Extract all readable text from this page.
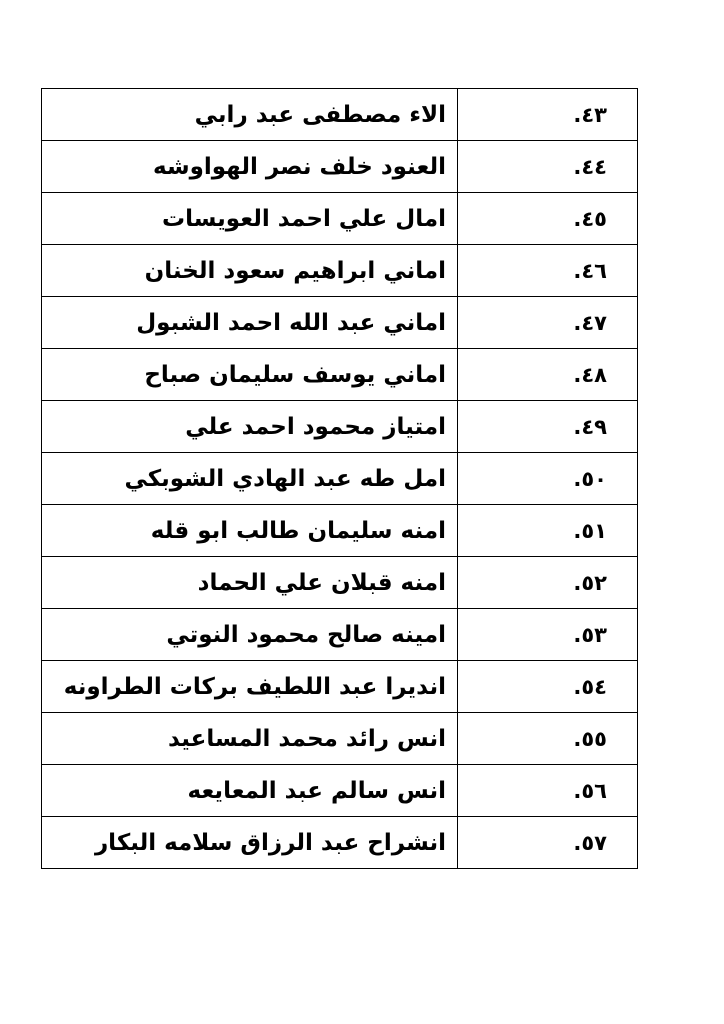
٤٣.	الاء مصطفى عبد رابي
٤٤.	العنود خلف نصر الهواوشه
٤٥.	امال علي احمد العويسات
٤٦.	اماني ابراهيم سعود الخنان
٤٧.	اماني عبد الله احمد الشبول
٤٨.	اماني يوسف سليمان صباح
٤٩.	امتياز محمود احمد علي
٥٠.	امل طه عبد الهادي الشوبكي
٥١.	امنه سليمان طالب ابو قله
٥٢.	امنه قبلان علي الحماد
٥٣.	امينه صالح محمود النوتي
٥٤.	انديرا عبد اللطيف بركات الطراونه
٥٥.	انس رائد محمد المساعيد
٥٦.	انس سالم عبد المعايعه
٥٧.	انشراح عبد الرزاق سلامه البكار
